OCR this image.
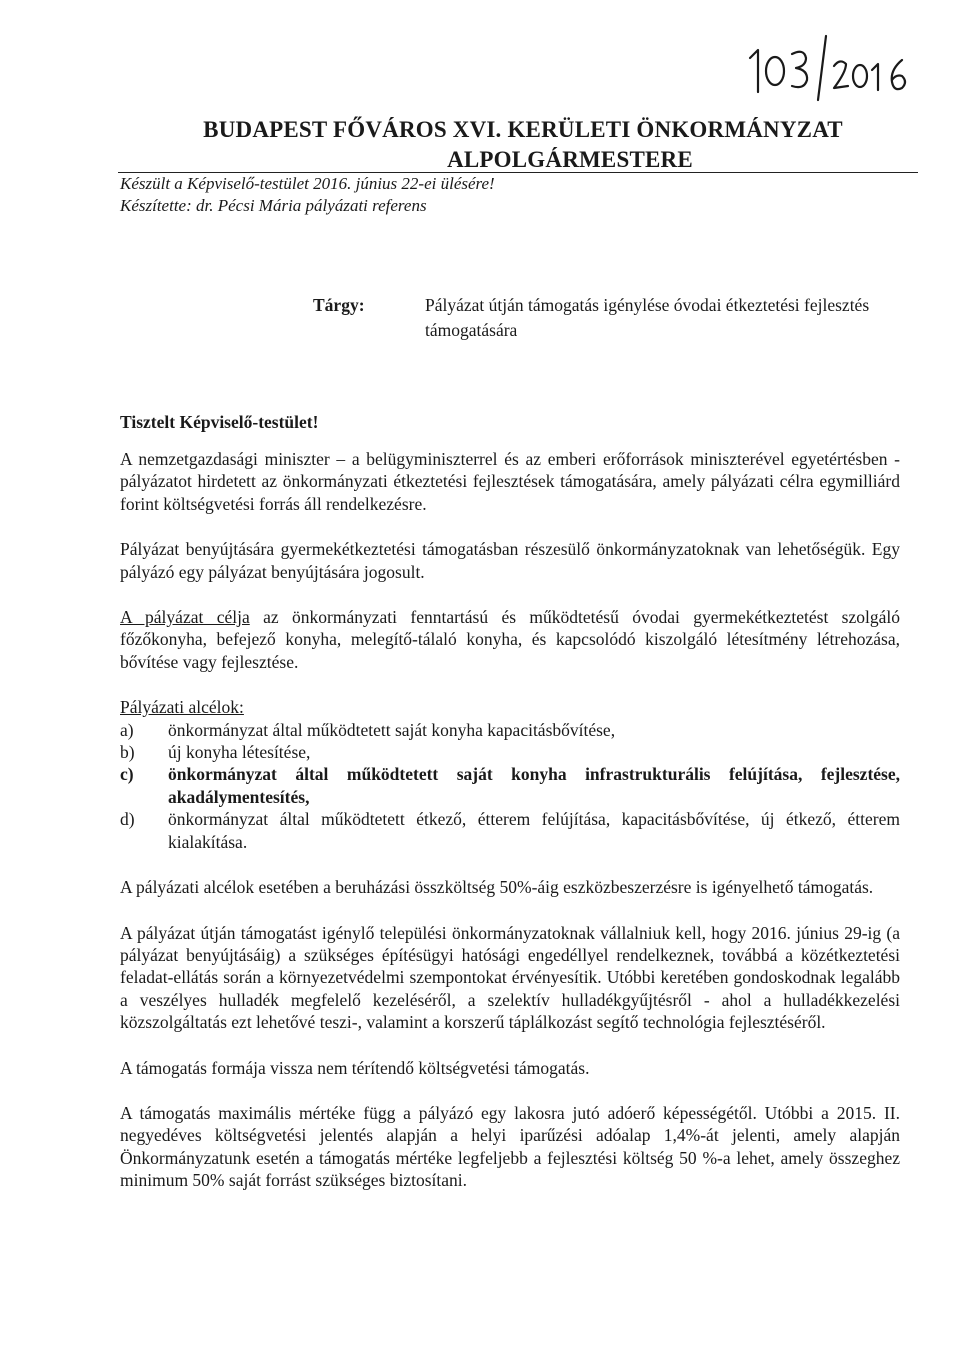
BUDAPEST FŐVÁROS XVI. KERÜLETI ÖNKORMÁNYZAT
ALPOLGÁRMESTERE
Készült a Képviselő-testület 2016. június 22-ei ülésére!
Készítette: dr. Pécsi Mária pályázati referens
Tárgy:	Pályázat útján támogatás igénylése óvodai étkeztetési fejlesztés támogatására
Tisztelt Képviselő-testület!

A nemzetgazdasági miniszter – a belügyminiszterrel és az emberi erőforrások miniszterével egyetértésben - pályázatot hirdetett az önkormányzati étkeztetési fejlesztések támogatására, amely pályázati célra egymilliárd forint költségvetési forrás áll rendelkezésre.

Pályázat benyújtására gyermekétkeztetési támogatásban részesülő önkormányzatoknak van lehetőségük. Egy pályázó egy pályázat benyújtására jogosult.

A pályázat célja az önkormányzati fenntartású és működtetésű óvodai gyermekétkeztetést szolgáló főzőkonyha, befejező konyha, melegítő-tálaló konyha, és kapcsolódó kiszolgáló létesítmény létrehozása, bővítése vagy fejlesztése.

Pályázati alcélok:
a) önkormányzat által működtetett saját konyha kapacitásbővítése,
b) új konyha létesítése,
c) önkormányzat által működtetett saját konyha infrastrukturális felújítása, fejlesztése, akadálymentesítés,
d) önkormányzat által működtetett étkező, étterem felújítása, kapacitásbővítése, új étkező, étterem kialakítása.

A pályázati alcélok esetében a beruházási összköltség 50%-áig eszközbeszerzésre is igényelhető támogatás.

A pályázat útján támogatást igénylő települési önkormányzatoknak vállalniuk kell, hogy 2016. június 29-ig (a pályázat benyújtásáig) a szükséges építésügyi hatósági engedéllyel rendelkeznek, továbbá a közétkeztetési feladat-ellátás során a környezetvédelmi szempontokat érvényesítik. Utóbbi keretében gondoskodnak legalább a veszélyes hulladék megfelelő kezeléséről, a szelektív hulladékgyűjtésről - ahol a hulladékkezelési közszolgáltatás ezt lehetővé teszi-, valamint a korszerű táplálkozást segítő technológia fejlesztéséről.

A támogatás formája vissza nem térítendő költségvetési támogatás.

A támogatás maximális mértéke függ a pályázó egy lakosra jutó adóerő képességétől. Utóbbi a 2015. II. negyedéves költségvetési jelentés alapján a helyi iparűzési adóalap 1,4%-át jelenti, amely alapján Önkormányzatunk esetén a támogatás mértéke legfeljebb a fejlesztési költség 50 %-a lehet, amely összeghez minimum 50% saját forrást szükséges biztosítani.
